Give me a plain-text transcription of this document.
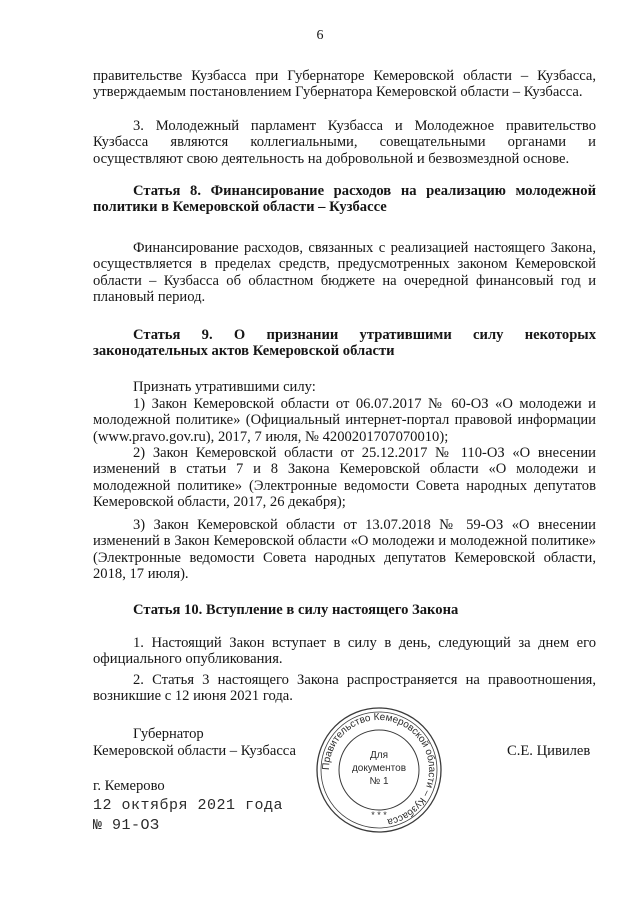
6
правительстве Кузбасса при Губернаторе Кемеровской области – Кузбасса, утверждаемым постановлением Губернатора Кемеровской области – Кузбасса.
3. Молодежный парламент Кузбасса и Молодежное правительство Кузбасса являются коллегиальными, совещательными органами и осуществляют свою деятельность на добровольной и безвозмездной основе.
Статья 8. Финансирование расходов на реализацию молодежной политики в Кемеровской области – Кузбассе
Финансирование расходов, связанных с реализацией настоящего Закона, осуществляется в пределах средств, предусмотренных законом Кемеровской области – Кузбасса об областном бюджете на очередной финансовый год и плановый период.
Статья 9. О признании утратившими силу некоторых законодательных актов Кемеровской области
Признать утратившими силу:
1) Закон Кемеровской области от 06.07.2017 № 60-ОЗ «О молодежи и молодежной политике» (Официальный интернет-портал правовой информации (www.pravo.gov.ru), 2017, 7 июля, № 4200201707070010);
2) Закон Кемеровской области от 25.12.2017 № 110-ОЗ «О внесении изменений в статьи 7 и 8 Закона Кемеровской области «О молодежи и молодежной политике» (Электронные ведомости Совета народных депутатов Кемеровской области, 2017, 26 декабря);
3) Закон Кемеровской области от 13.07.2018 № 59-ОЗ «О внесении изменений в Закон Кемеровской области «О молодежи и молодежной политике» (Электронные ведомости Совета народных депутатов Кемеровской области, 2018, 17 июля).
Статья 10. Вступление в силу настоящего Закона
1. Настоящий Закон вступает в силу в день, следующий за днем его официального опубликования.
2. Статья 3 настоящего Закона распространяется на правоотношения, возникшие с 12 июня 2021 года.
Губернатор
Кемеровской области – Кузбасса	С.Е. Цивилев
Правительство Кемеровской области – Кузбасса
Для
документов
№ 1
* * *
г. Кемерово
12 октября 2021 года
№ 91-ОЗ
